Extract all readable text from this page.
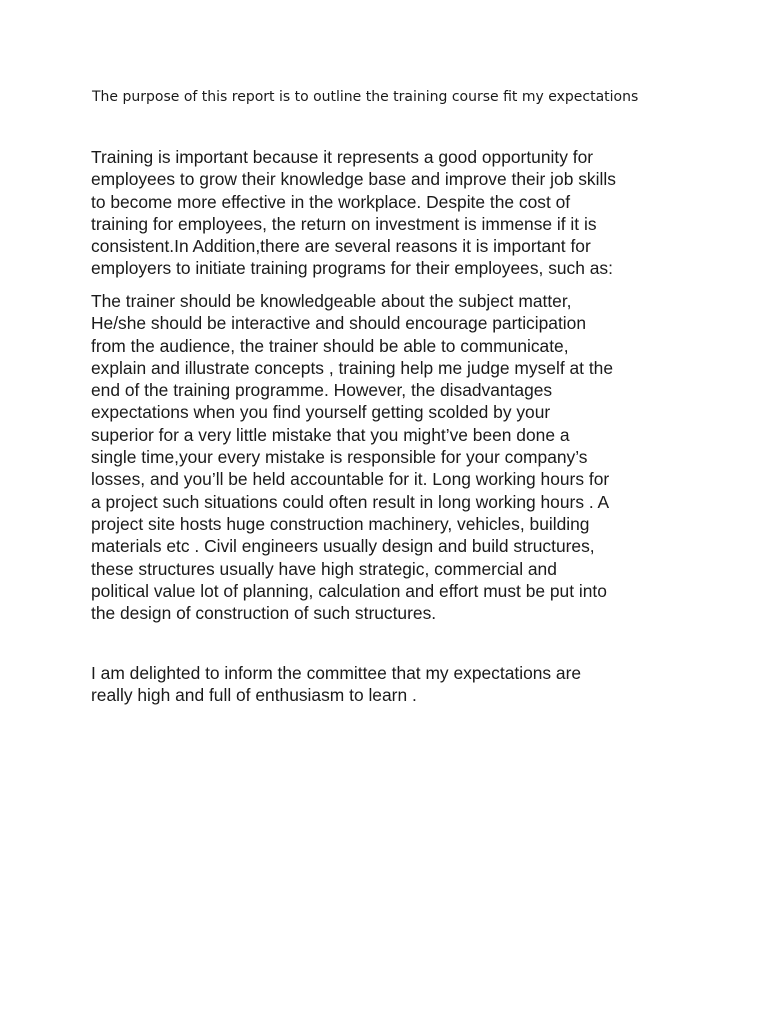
The purpose of this report is to outline the training course fit my expectations

Training is important because it represents a good opportunity for
employees to grow their knowledge base and improve their job skills
to become more effective in the workplace. Despite the cost of
training for employees, the return on investment is immense if it is
consistent.In Addition,there are several reasons it is important for
employers to initiate training programs for their employees, such as:
The trainer should be knowledgeable about the subject matter,
He/she should be interactive and should encourage participation
from the audience, the trainer should be able to communicate,
explain and illustrate concepts , training help me judge myself at the
end of the training programme. However, the disadvantages
expectations when you find yourself getting scolded by your
superior for a very little mistake that you might’ve been done a
single time,your every mistake is responsible for your company’s
losses, and you’ll be held accountable for it. Long working hours for
a project such situations could often result in long working hours . A
project site hosts huge construction machinery, vehicles, building
materials etc . Civil engineers usually design and build structures,
these structures usually have high strategic, commercial and
political value lot of planning, calculation and effort must be put into
the design of construction of such structures.
I am delighted to inform the committee that my expectations are
really high and full of enthusiasm to learn .
